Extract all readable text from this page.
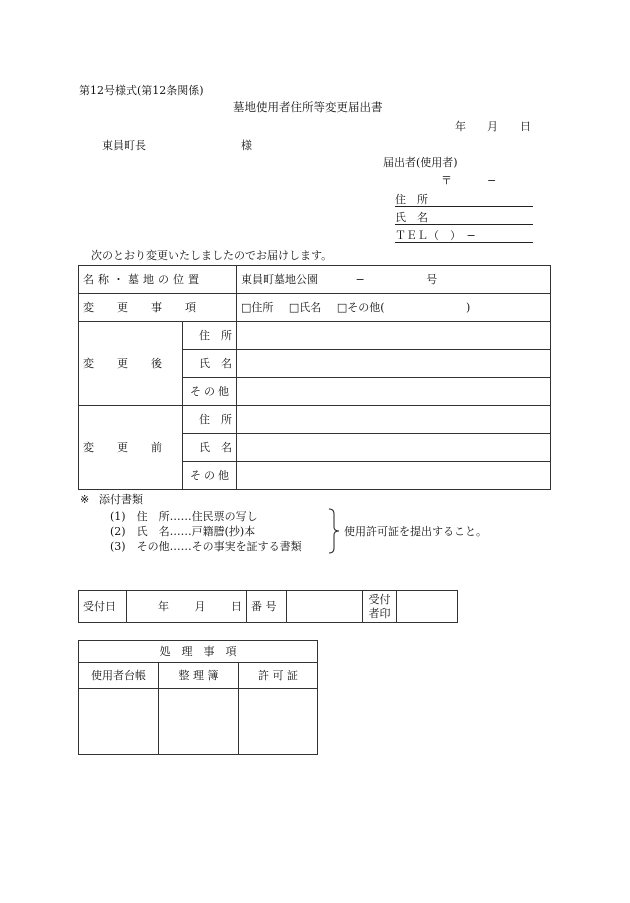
第12号様式(第12条関係)
墓地使用者住所等変更届出書
年 月 日
東員町長	様
届出者(使用者)
〒	−
住　所
氏　名
ＴＥＬ（　）　−
次のとおり変更いたしましたのでお届けします。
名称・墓地の位置		東員町墓地公園 − 号
変　更　事　項		□住所 □氏名 □その他( )
変　更　後	住　所	
	氏　名	
	その他	
変　更　前	住　所	
	氏　名	
	その他	
※ 添付書類
(1)　住　所……住民票の写し
(2)　氏　名……戸籍謄(抄)本
(3)　その他……その事実を証する書類
使用許可証を提出すること。
受付日	年 月 日	番 号		
受付
者印

処　理　事　項		
使用者台帳	整 理 簿	許 可 証
